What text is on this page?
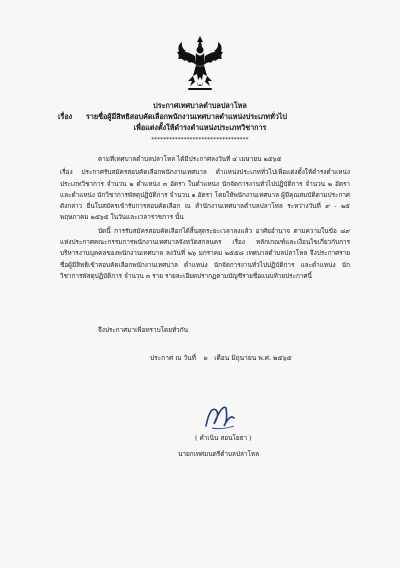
ประกาศเทศบาลตำบลปลาโหล
เรื่อง รายชื่อผู้มีสิทธิสอบคัดเลือกพนักงานเทศบาลตำแหน่งประเภททั่วไป
เพื่อแต่งตั้งให้ดำรงตำแหน่งประเภทวิชาการ
*********************************

ตามที่เทศบาลตำบลปลาโหล ได้มีประกาศลงวันที่ ๔ เมษายน ๒๕๖๕

เรื่อง ประกาศรับสมัครสอบคัดเลือกพนักงานเทศบาล ตำแหน่งประเภททั่วไปเพื่อแต่งตั้งให้ดำรงตำแหน่ง ประเภทวิชาการ จำนวน ๒ ตำแหน่ง ๓ อัตรา ในตำแหน่ง นักจัดการงานทั่วไปปฏิบัติการ จำนวน ๒ อัตรา และตำแหน่ง นักวิชาการพัสดุปฏิบัติการ จำนวน ๑ อัตรา โดยให้พนักงานเทศบาล ผู้มีคุณสมบัติตามประกาศดังกล่าว ยื่นใบสมัครเข้ารับการสอบคัดเลือก ณ สำนักงานเทศบาลตำบลปลาโหล ระหว่างวันที่ ๙ - ๒๕ พฤษภาคม ๒๕๖๕ ในวันและเวลาราชการ นั้น

บัดนี้ การรับสมัครสอบคัดเลือกได้สิ้นสุดระยะเวลาลงแล้ว อาศัยอำนาจ ตามความในข้อ ๘๙ แห่งประกาศคณะกรรมการพนักงานเทศบาลจังหวัดสกลนคร เรื่อง หลักเกณฑ์และเงื่อนไขเกี่ยวกับการบริหารงานบุคคลของพนักงานเทศบาล ลงวันที่ ๒๖ มกราคม ๒๕๕๘ เทศบาลตำบลปลาโหล จึงประกาศรายชื่อผู้มีสิทธิเข้าสอบคัดเลือกพนักงานเทศบาล ตำแหน่ง นักจัดการงานทั่วไปปฏิบัติการ และตำแหน่ง นักวิชาการพัสดุปฏิบัติการ จำนวน ๓ ราย รายละเอียดปรากฏตามบัญชีรายชื่อแนบท้ายประกาศนี้

จึงประกาศมาเพื่อทราบโดยทั่วกัน
ประกาศ ณ วันที่ ๒ เดือน มิถุนายน พ.ศ. ๒๕๖๕
( คำเนิน สอนโยธา )
นายกเทศมนตรีตำบลปลาโหล
